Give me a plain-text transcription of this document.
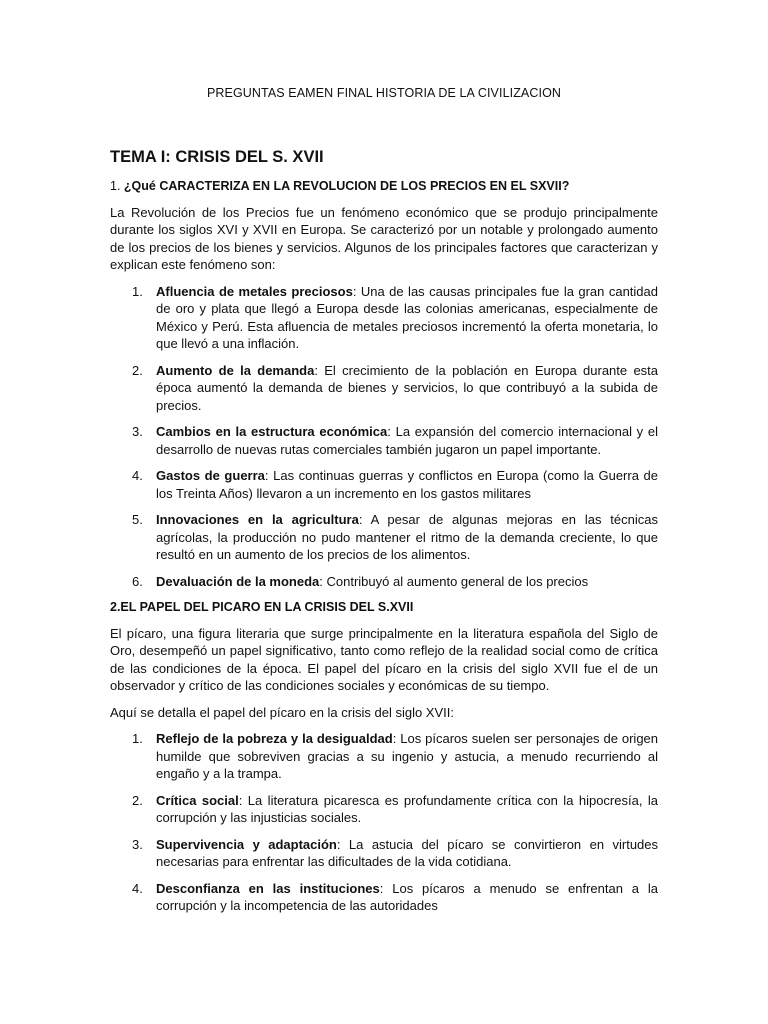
PREGUNTAS EAMEN FINAL HISTORIA DE LA CIVILIZACION
TEMA I: CRISIS DEL S. XVII
1. ¿Qué CARACTERIZA EN LA REVOLUCION DE LOS PRECIOS EN EL SXVII?

La Revolución de los Precios fue un fenómeno económico que se produjo principalmente durante los siglos XVI y XVII en Europa. Se caracterizó por un notable y prolongado aumento de los precios de los bienes y servicios. Algunos de los principales factores que caracterizan y explican este fenómeno son:

1. Afluencia de metales preciosos: Una de las causas principales fue la gran cantidad de oro y plata que llegó a Europa desde las colonias americanas, especialmente de México y Perú. Esta afluencia de metales preciosos incrementó la oferta monetaria, lo que llevó a una inflación.
2. Aumento de la demanda: El crecimiento de la población en Europa durante esta época aumentó la demanda de bienes y servicios, lo que contribuyó a la subida de precios.
3. Cambios en la estructura económica: La expansión del comercio internacional y el desarrollo de nuevas rutas comerciales también jugaron un papel importante.
4. Gastos de guerra: Las continuas guerras y conflictos en Europa (como la Guerra de los Treinta Años) llevaron a un incremento en los gastos militares
5. Innovaciones en la agricultura: A pesar de algunas mejoras en las técnicas agrícolas, la producción no pudo mantener el ritmo de la demanda creciente, lo que resultó en un aumento de los precios de los alimentos.
6. Devaluación de la moneda: Contribuyó al aumento general de los precios
2.EL PAPEL DEL PICARO EN LA CRISIS DEL S.XVII

El pícaro, una figura literaria que surge principalmente en la literatura española del Siglo de Oro, desempeñó un papel significativo, tanto como reflejo de la realidad social como de crítica de las condiciones de la época. El papel del pícaro en la crisis del siglo XVII fue el de un observador y crítico de las condiciones sociales y económicas de su tiempo.

Aquí se detalla el papel del pícaro en la crisis del siglo XVII:

1. Reflejo de la pobreza y la desigualdad: Los pícaros suelen ser personajes de origen humilde que sobreviven gracias a su ingenio y astucia, a menudo recurriendo al engaño y a la trampa.
2. Crítica social: La literatura picaresca es profundamente crítica con la hipocresía, la corrupción y las injusticias sociales.
3. Supervivencia y adaptación: La astucia del pícaro se convirtieron en virtudes necesarias para enfrentar las dificultades de la vida cotidiana.
4. Desconfianza en las instituciones: Los pícaros a menudo se enfrentan a la corrupción y la incompetencia de las autoridades
